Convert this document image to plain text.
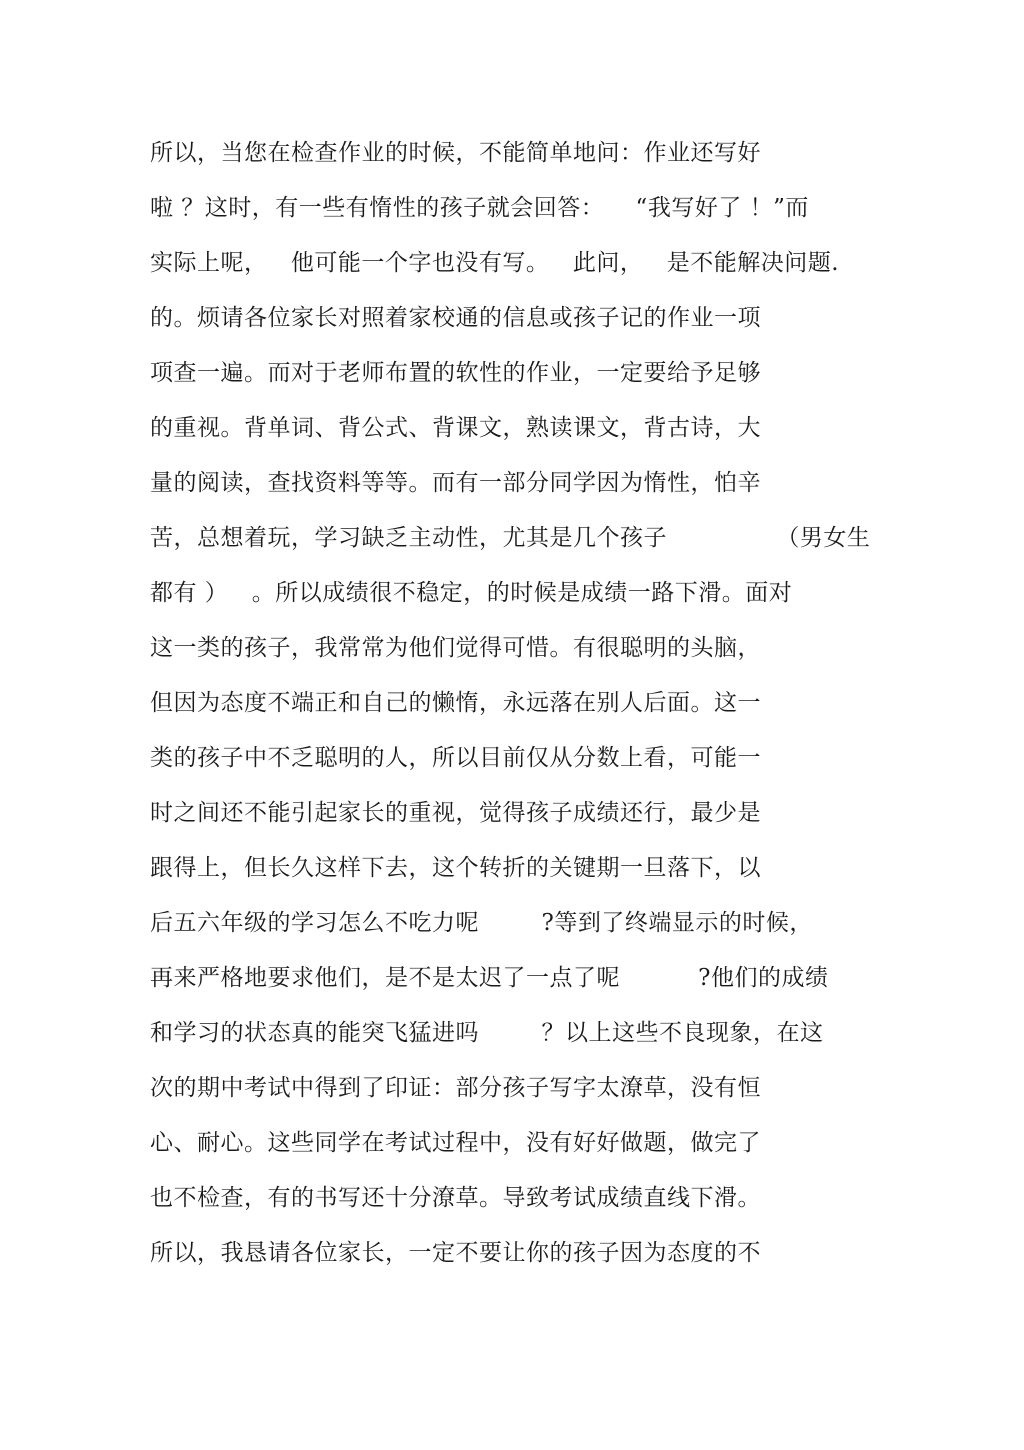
所以，当您在检查作业的时候，不能简单地问：作业还写好
啦 ？这时，有一些有惰性的孩子就会回答：    “我写好了 ！”而
实际上呢，   他可能一个字也没有写。   此问，   是不能解决问题.
的。烦请各位家长对照着家校通的信息或孩子记的作业一项
项查一遍。而对于老师布置的软性的作业，一定要给予足够
的重视。背单词、背公式、背课文，熟读课文，背古诗，大
量的阅读，查找资料等等。而有一部分同学因为惰性，怕辛
苦，总想着玩，学习缺乏主动性，尤其是几个孩子              （男女生
都有 ）   。所以成绩很不稳定，的时候是成绩一路下滑。面对
这一类的孩子，我常常为他们觉得可惜。有很聪明的头脑，
但因为态度不端正和自己的懒惰，永远落在别人后面。这一
类的孩子中不乏聪明的人，所以目前仅从分数上看，可能一
时之间还不能引起家长的重视，觉得孩子成绩还行，最少是
跟得上，但长久这样下去，这个转折的关键期一旦落下，以
后五六年级的学习怎么不吃力呢        ?等到了终端显示的时候，
再来严格地要求他们，是不是太迟了一点了呢          ?他们的成绩
和学习的状态真的能突飞猛进吗        ？以上这些不良现象，在这
次的期中考试中得到了印证：部分孩子写字太潦草，没有恒
心、耐心。这些同学在考试过程中，没有好好做题，做完了
也不检查，有的书写还十分潦草。导致考试成绩直线下滑。
所以，我恳请各位家长，一定不要让你的孩子因为态度的不
